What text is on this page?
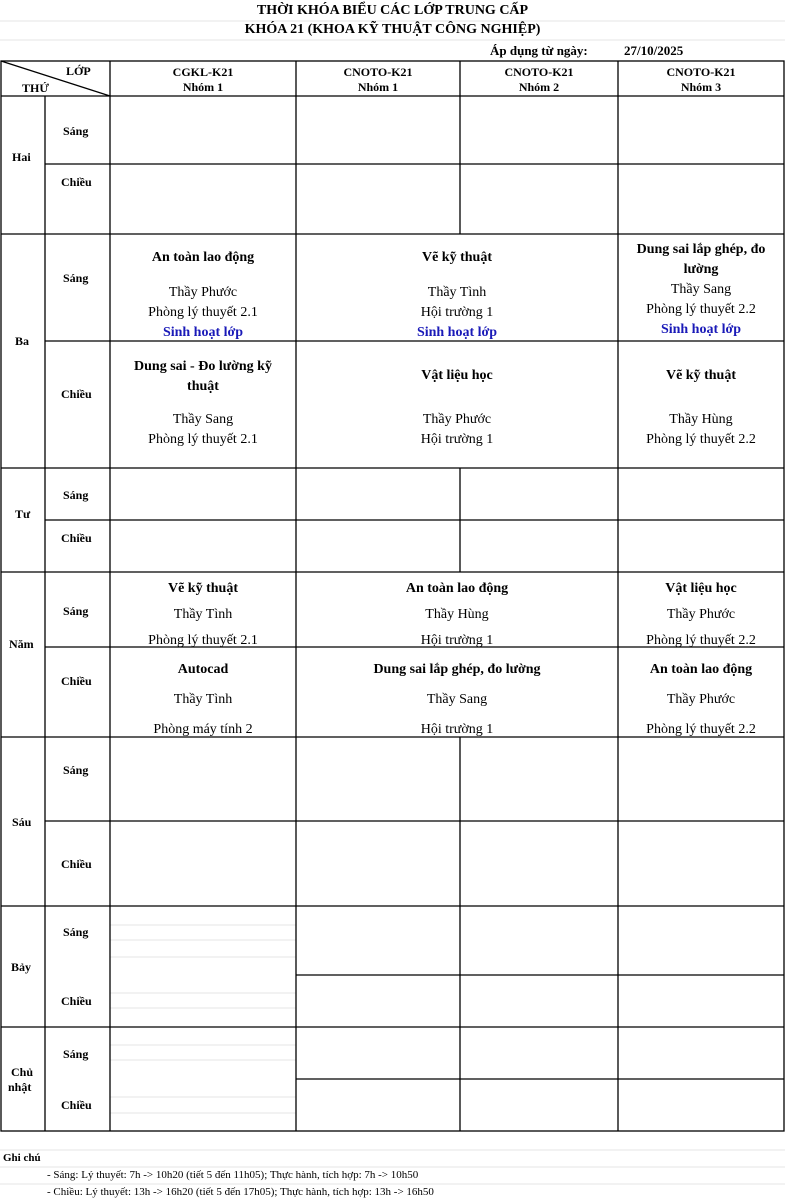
THỜI KHÓA BIỂU CÁC LỚP TRUNG CẤP
KHÓA 21 (KHOA KỸ THUẬT CÔNG NGHIỆP)
Áp dụng từ ngày:	27/10/2025
LỚP
THỨ
CGKL-K21
Nhóm 1
CNOTO-K21
Nhóm 1
CNOTO-K21
Nhóm 2
CNOTO-K21
Nhóm 3
Hai
Ba
Tư
Năm
Sáu
Bảy
Chủ
nhật
Sáng
Chiều
Sáng
Chiều
Sáng
Chiều
Sáng
Chiều
Sáng
Chiều
Sáng
Chiều
Sáng
Chiều
An toàn lao động
Thầy Phước
Phòng lý thuyết 2.1
Sinh hoạt lớp
Vẽ kỹ thuật
Thầy Tình
Hội trường 1
Sinh hoạt lớp
Dung sai lắp ghép, đo
lường
Thầy Sang
Phòng lý thuyết 2.2
Sinh hoạt lớp
Dung sai - Đo lường kỹ
thuật
Thầy Sang
Phòng lý thuyết 2.1
Vật liệu học
Thầy Phước
Hội trường 1
Vẽ kỹ thuật
Thầy Hùng
Phòng lý thuyết 2.2
Vẽ kỹ thuật
Thầy Tình
Phòng lý thuyết 2.1
An toàn lao động
Thầy Hùng
Hội trường 1
Vật liệu học
Thầy Phước
Phòng lý thuyết 2.2
Autocad
Thầy Tình
Phòng máy tính 2
Dung sai lắp ghép, đo lường
Thầy Sang
Hội trường 1
An toàn lao động
Thầy Phước
Phòng lý thuyết 2.2
Ghi chú
- Sáng: Lý thuyết: 7h -> 10h20 (tiết 5 đến 11h05); Thực hành, tích hợp: 7h -> 10h50
- Chiều: Lý thuyết: 13h -> 16h20 (tiết 5 đến 17h05); Thực hành, tích hợp: 13h -> 16h50
